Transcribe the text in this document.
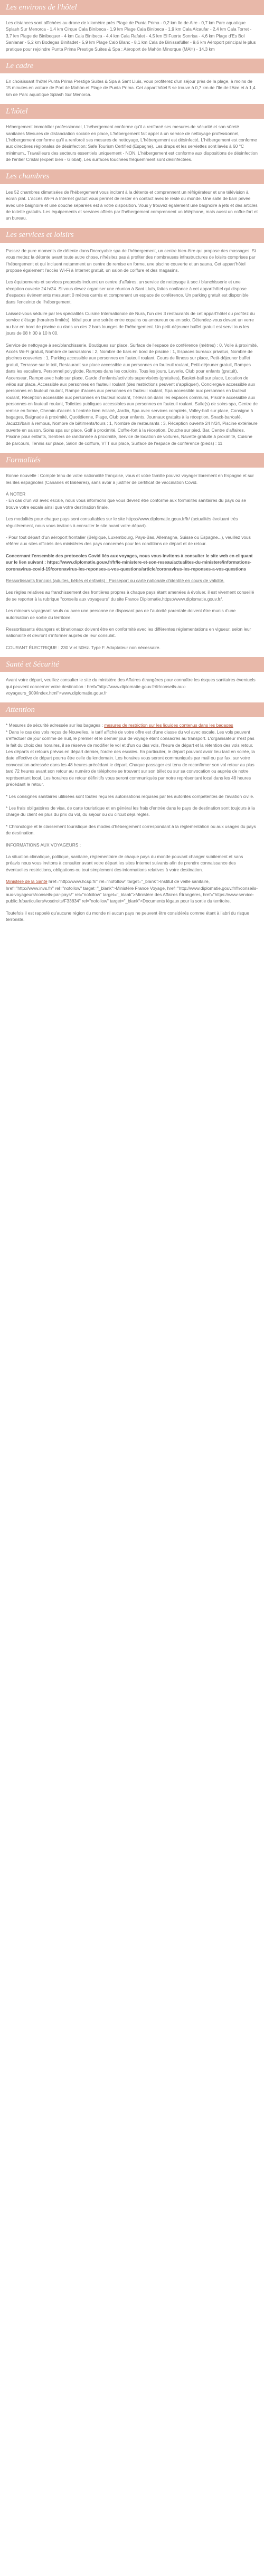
Les environs de l'hôtel

Les distances sont affichées au drone de kilomètre près Plage de Punta Prima - 0,2 km Ile de Aire - 0,7 km Parc aquatique Splash Sur Menorca - 1,4 km Cirque Cala Binibeca - 1,9 km Plage Cala Binibeca - 1,9 km Cala Alcaufar - 2,4 km Cala Torret - 3,7 km Plage de Binibequer - 4 km Cala Binibeca - 4,4 km Cala Rafalet - 4,5 km El Fuerte Sonrisa - 4,6 km Plage d'Es Bol Sanlanar - 5,2 km Bodegas Binifadet - 5,9 km Plage Caló Blanc - 8,1 km Cala de Binissafúller - 9,6 km Aéroport principal le plus pratique pour rejoindre Punta Prima Prestige Suites & Spa : Aéroport de Mahón Minorque (MAH) - 14,3 km

Le cadre

En choisissant l'hôtel Punta Prima Prestige Suites & Spa à Sant Lluís, vous profiterez d'un séjour près de la plage, à moins de 15 minutes en voiture de Port de Mahón et Plage de Punta Prima. Cet appart'hôtel 5 se trouve à 0,7 km de l'île de l'Aire et à 1,4 km de Parc aquatique Splash Sur Menorca.

L'hôtel

Hébergement immobilier professionnel, L'hébergement conforme qu'il a renforcé ses mesures de sécurité et son sûreté sanitaires Mesures de distanciation sociale en place, L'hébergement fait appel à un service de nettoyage professionnel, L'hébergement conforme qu'il a renforcé ses mesures de nettoyage, L'hébergement est désinfecté, L'hébergement est conforme aux directives régionales de désinfection: Safe Tourism Certified (Espagne), Les draps et les serviettes sont lavés à 60 °C minimum., Travailleurs des secteurs essentiels uniquement - NON, L'hébergement est conforme aux dispositions de désinfection de l'entier Cristal (expert bien - Global), Les surfaces touchées fréquemment sont désinfectées.

Les chambres

Les 52 chambres climatisées de l'hébergement vous incitent à la détente et comprennent un réfrigérateur et une télévision à écran plat. L'accès Wi-Fi à Internet gratuit vous permet de rester en contact avec le reste du monde. Une salle de bain privée avec une baignoire et une douche séparées est à votre disposition. Vous y trouvez également une baignoire à jets et des articles de toilette gratuits. Les équipements et services offerts par l'hébergement comprennent un téléphone, mais aussi un coffre-fort et un bureau.

Les services et loisirs

Passez de pure moments de détente dans l'incroyable spa de l'hébergement, un centre bien-être qui propose des massages. Si vous mettez la détente avant toute autre chose, n'hésitez pas à profiter des nombreuses infrastructures de loisirs comprises par l'hébergement et qui incluent notamment un centre de remise en forme, une piscine couverte et un sauna. Cet appart'hôtel propose également l'accès Wi-Fi à Internet gratuit, un salon de coiffure et des magasins.

Les équipements et services proposés incluent un centre d'affaires, un service de nettoyage à sec / blanchisserie et une réception ouverte 24 h/24. Si vous devez organiser une réunion à Sant Lluís, faites confiance à cet appart'hôtel qui dispose d'espaces événements mesurant 0 mètres carrés et comprenant un espace de conférence. Un parking gratuit est disponible dans l'enceinte de l'hébergement.

Laissez-vous séduire par les spécialités Cuisine Internationale de Nura, l'un des 3 restaurants de cet appart'hôtel ou profitez du service d'étage (horaires limités). Idéal pour une soirée entre copains ou amoureux ou en solo. Détendez-vous devant un verre au bar en bord de piscine ou dans un des 2 bars lounges de l'hébergement. Un petit-déjeuner buffet gratuit est servi tous les jours de 08 h 00 à 10 h 00.

Service de nettoyage à sec/blanchisserie, Boutiques sur place, Surface de l'espace de conférence (mètres) : 0, Voile à proximité, Accès Wi-Fi gratuit, Nombre de bars/salons : 2, Nombre de bars en bord de piscine : 1, Espaces bureaux privatus, Nombre de piscines couvertes : 1, Parking accessible aux personnes en fauteuil roulant, Cours de fitness sur place, Petit-déjeuner buffet gratuit, Terrasse sur le toit, Restaurant sur place accessible aux personnes en fauteuil roulant, Petit-déjeuner gratuit, Rampes dans les escaliers, Personnel polyglotte, Rampes dans les couloirs, Tous les jours, Laverie, Club pour enfants (gratuit), Ascenseur, Rampe avec halo sur place, Garde d'enfants/activités supervisées (gratuites), Basket-ball sur place, Location de vélos sur place, Accessible aux personnes en fauteuil roulant (des restrictions peuvent s'appliquer), Concierge/e accessible aux personnes en fauteuil roulant, Rampe d'accès aux personnes en fauteuil roulant, Spa accessible aux personnes en fauteuil roulant, Réception accessible aux personnes en fauteuil roulant, Télévision dans les espaces communs, Piscine accessible aux personnes en fauteuil roulant, Toilettes publiques accessibles aux personnes en fauteuil roulant, Salle(s) de soins spa, Centre de remise en forme, Chemin d'accès à l'entrée bien éclairé, Jardin, Spa avec services complets, Volley-ball sur place, Consigne à bagages, Baignade à proximité, Quotidienne, Plage, Club pour enfants, Journaux gratuits à la réception, Snack-bar/café, Jacuzzi/bain à remous, Nombre de bâtiments/tours : 1, Nombre de restaurants : 3, Réception ouverte 24 h/24, Piscine extérieure ouverte en saison, Soins spa sur place, Golf à proximité, Coffre-fort à la réception, Douche sur pied, Bar, Centre d'affaires, Piscine pour enfants, Sentiers de randonnée à proximité, Service de location de voitures, Navette gratuite à proximité, Cuisine de parcours, Tennis sur place, Salon de coiffure, VTT sur place, Surface de l'espace de conférence (pieds) : 11

Formalités

Bonne nouvelle : Compte tenu de votre nationalité française, vous et votre famille pouvez voyager librement en Espagne et sur les îles espagnoles (Canaries et Baléares), sans avoir à justifier de certificat de vaccination Covid.

À NOTER

- En cas d'un vol avec escale, nous vous informons que vous devrez être conforme aux formalités sanitaires du pays où se trouve votre escale ainsi que votre destination finale.

Les modalités pour chaque pays sont consultables sur le site https://www.diplomatie.gouv.fr/fr/ (actualités évoluant très régulièrement, nous vous invitons à consulter le site avant votre départ).

- Pour tout départ d'un aéroport frontalier (Belgique, Luxembourg, Pays-Bas, Allemagne, Suisse ou Espagne...), veuillez vous référer aux sites officiels des ministères des pays concernés pour les conditions de départ et de retour.

Concernant l'ensemble des protocoles Covid liés aux voyages, nous vous invitons à consulter le site web en cliquant sur le lien suivant : https://www.diplomatie.gouv.fr/fr/le-ministere-et-son-reseau/actualites-du-ministere/informations-coronavirus-covid-19/coronavirus-les-reponses-a-vos-questions/article/coronavirus-les-reponses-a-vos-questions

Ressortissants français (adultes, bébés et enfants) : Passeport ou carte nationale d'identité en cours de validité.

Les règles relatives au franchissement des frontières propres à chaque pays étant amenées à évoluer, il est vivement conseillé de se reporter à la rubrique "conseils aux voyageurs" du site France Diplomatie,https://www.diplomatie.gouv.fr/.

Les mineurs voyageant seuls ou avec une personne ne disposant pas de l'autorité parentale doivent être munis d'une autorisation de sortie du territoire.

Ressortissants étrangers et binationaux doivent être en conformité avec les différentes réglementations en vigueur, selon leur nationalité et devront s'informer auprès de leur consulat.

COURANT ÉLECTRIQUE : 230 V et 50Hz. Type F. Adaptateur non nécessaire.

Santé et Sécurité

Avant votre départ, veuillez consulter le site du ministère des Affaires étrangères pour connaître les risques sanitaires éventuels qui peuvent concerner votre destination : href="http://www.diplomatie.gouv.fr/fr/conseils-aux-voyageurs_909/index.html">www.diplomatie.gouv.fr

Attention

* Mesures de sécurité adressée sur les bagages : mesures de restriction sur les liquides contenus dans les bagages
* Dans le cas des vols reçus de Nouvelles, le tarif affiché de votre offre est d'une classe du vol avec escale, Les vols peuvent s'effectuer de jour comme de nuit, le premier et le dernier jour de voyage étant consacrés au transport. L'organisateur n'est pas le fait du choix des horaires, il se réserve de modifier le vol et d'un ou des vols, l'heure de départ et la rétention des vols retour. Les départs et retours prévus en départ dernier, l'ordre des escales. En particulier, le départ pouvant avoir lieu tard en soirée, la date effective de départ pourra être celle du lendemain. Les horaires vous seront communiqués par mail ou par fax, sur votre convocation adressée dans les 48 heures précédant le départ. Chaque passager est tenu de reconfirmer son vol retour au plus tard 72 heures avant son retour au numéro de téléphone se trouvant sur son billet ou sur sa convocation ou auprès de notre représentant local. Les horaires de retour définitifs vous seront communiqués par notre représentant local dans les 48 heures précédant le retour.

* Les consignes sanitaires utilisées sont toutes reçu les autorisations requises par les autorités compétentes de l'aviation civile.

* Les frais obligatoires de visa, de carte touristique et en général les frais d'entrée dans le pays de destination sont toujours à la charge du client en plus du prix du vol, du séjour ou du circuit déjà réglés.

* Chronologie et le classement touristique des modes d'hébergement correspondant à la réglementation ou aux usages du pays de destination.

INFORMATIONS AUX VOYAGEURS :

La situation climatique, politique, sanitaire, réglementaire de chaque pays du monde pouvant changer subitement et sans préavis nous vous invitons à consulter avant votre départ les sites Internet suivants afin de prendre connaissance des éventuelles restrictions, obligations ou tout simplement des informations relatives à votre destination.

Ministère de la Santé href="http://www.hcsp.fr/" rel="nofollow" target="_blank">Institut de veille sanitaire, href="http://www.invs.fr/" rel="nofollow" target="_blank">Ministère France Voyage, href="http://www.diplomatie.gouv.fr/fr/conseils-aux-voyageurs/conseils-par-pays/" rel="nofollow" target="_blank">Ministère des Affaires Étrangères, href="https://www.service-public.fr/particuliers/vosdroits/F33834" rel="nofollow" target="_blank">Documents légaux pour la sortie du territoire.

Toutefois il est rappelé qu'aucune région du monde ni aucun pays ne peuvent être considérés comme étant à l'abri du risque terroriste.
